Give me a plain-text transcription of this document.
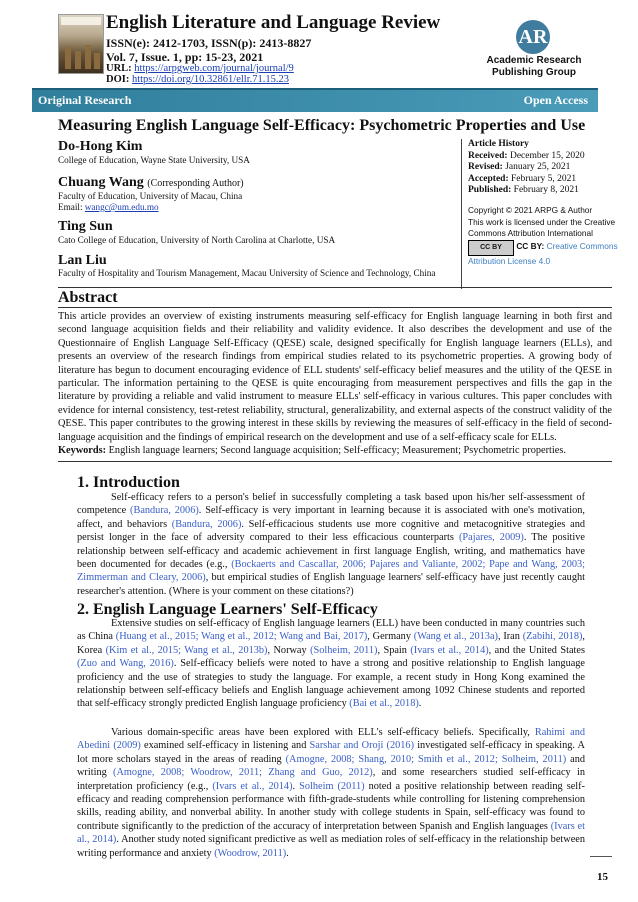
English Literature and Language Review
ISSN(e): 2412-1703, ISSN(p): 2413-8827
Vol. 7, Issue. 1, pp: 15-23, 2021
URL: https://arpgweb.com/journal/journal/9
DOI: https://doi.org/10.32861/ellr.71.15.23
AR
Academic Research Publishing Group
Original Research	Open Access
Measuring English Language Self-Efficacy: Psychometric Properties and Use
Do-Hong Kim
College of Education, Wayne State University, USA
Chuang Wang (Corresponding Author)
Faculty of Education, University of Macau, China
Email: wangc@um.edu.mo
Ting Sun
Cato College of Education, University of North Carolina at Charlotte, USA
Lan Liu
Faculty of Hospitality and Tourism Management, Macau University of Science and Technology, China
Article History
Received: December 15, 2020
Revised: January 25, 2021
Accepted: February 5, 2021
Published: February 8, 2021
Copyright © 2021 ARPG & Author
This work is licensed under the Creative Commons Attribution International
CC BY CC BY: Creative Commons Attribution License 4.0
Abstract
This article provides an overview of existing instruments measuring self-efficacy for English language learning in both first and second language acquisition fields and their reliability and validity evidence. It also describes the development and use of the Questionnaire of English Language Self-Efficacy (QESE) scale, designed specifically for English language learners (ELLs), and presents an overview of the research findings from empirical studies related to its psychometric properties. A growing body of literature has begun to document encouraging evidence of ELL students' self-efficacy belief measures and the utility of the QESE in particular. The information pertaining to the QESE is quite encouraging from measurement perspectives and fills the gap in the literature by providing a reliable and valid instrument to measure ELLs' self-efficacy in various cultures. This paper concludes with evidence for internal consistency, test-retest reliability, structural, generalizability, and external aspects of the construct validity of the QESE. This paper contributes to the growing interest in these skills by reviewing the measures of self-efficacy in the field of second-language acquisition and the findings of empirical research on the development and use of a self-efficacy scale for ELLs.
Keywords: English language learners; Second language acquisition; Self-efficacy; Measurement; Psychometric properties.
1. Introduction
Self-efficacy refers to a person's belief in successfully completing a task based upon his/her self-assessment of competence (Bandura, 2006). Self-efficacy is very important in learning because it is associated with one's motivation, affect, and behaviors (Bandura, 2006). Self-efficacious students use more cognitive and metacognitive strategies and persist longer in the face of adversity compared to their less efficacious counterparts (Pajares, 2009). The positive relationship between self-efficacy and academic achievement in first language English, writing, and mathematics have been documented for decades (e.g., (Bockaerts and Cascallar, 2006; Pajares and Valiante, 2002; Pape and Wang, 2003; Zimmerman and Cleary, 2006), but empirical studies of English language learners' self-efficacy have just recently caught researcher's attention. (Where is your comment on these citations?)
2. English Language Learners' Self-Efficacy
Extensive studies on self-efficacy of English language learners (ELL) have been conducted in many countries such as China (Huang et al., 2015; Wang et al., 2012; Wang and Bai, 2017), Germany (Wang et al., 2013a), Iran (Zabihi, 2018), Korea (Kim et al., 2015; Wang et al., 2013b), Norway (Solheim, 2011), Spain (Ivars et al., 2014), and the United States (Zuo and Wang, 2016). Self-efficacy beliefs were noted to have a strong and positive relationship to English language proficiency and the use of strategies to study the language. For example, a recent study in Hong Kong examined the relationship between self-efficacy beliefs and English language achievement among 1092 Chinese students and reported that self-efficacy strongly predicted English language proficiency (Bai et al., 2018).
Various domain-specific areas have been explored with ELL's self-efficacy beliefs. Specifically, Rahimi and Abedini (2009) examined self-efficacy in listening and Sarshar and Oroji (2016) investigated self-efficacy in speaking. A lot more scholars stayed in the areas of reading (Amogne, 2008; Shang, 2010; Smith et al., 2012; Solheim, 2011) and writing (Amogne, 2008; Woodrow, 2011; Zhang and Guo, 2012), and some researchers studied self-efficacy in interpretation proficiency (e.g., (Ivars et al., 2014). Solheim (2011) noted a positive relationship between reading self-efficacy and reading comprehension performance with fifth-grade-students while controlling for listening comprehension skills, reading ability, and nonverbal ability. In another study with college students in Spain, self-efficacy was found to contribute significantly to the prediction of the accuracy of interpretation between Spanish and English languages (Ivars et al., 2014). Another study noted significant predictive as well as mediation roles of self-efficacy in the relationship between writing performance and anxiety (Woodrow, 2011).
15
